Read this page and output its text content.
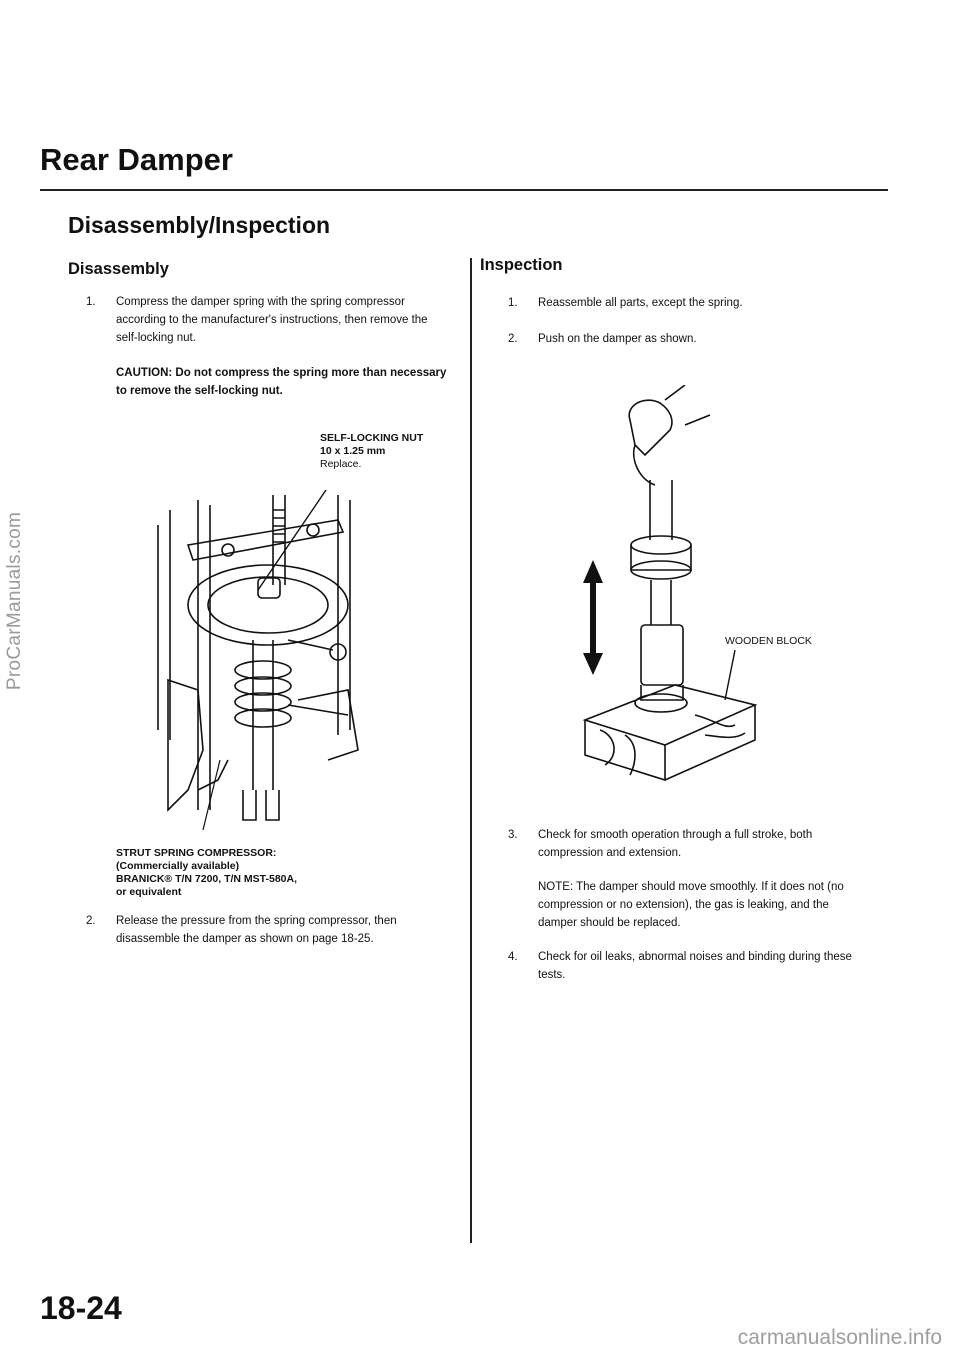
ProCarManuals.com
carmanualsonline.info
Rear Damper
Disassembly/Inspection
Disassembly
1. Compress the damper spring with the spring compressor according to the manufacturer's instructions, then remove the self-locking nut.
CAUTION: Do not compress the spring more than necessary to remove the self-locking nut.
SELF-LOCKING NUT
10 x 1.25 mm
Replace.
STRUT SPRING COMPRESSOR:
(Commercially available)
BRANICK® T/N 7200, T/N MST-580A,
or equivalent
2. Release the pressure from the spring compressor, then disassemble the damper as shown on page 18-25.
Inspection
1. Reassemble all parts, except the spring.
2. Push on the damper as shown.
WOODEN BLOCK
3. Check for smooth operation through a full stroke, both compression and extension.
NOTE: The damper should move smoothly. If it does not (no compression or no extension), the gas is leaking, and the damper should be replaced.
4. Check for oil leaks, abnormal noises and binding during these tests.
18-24
